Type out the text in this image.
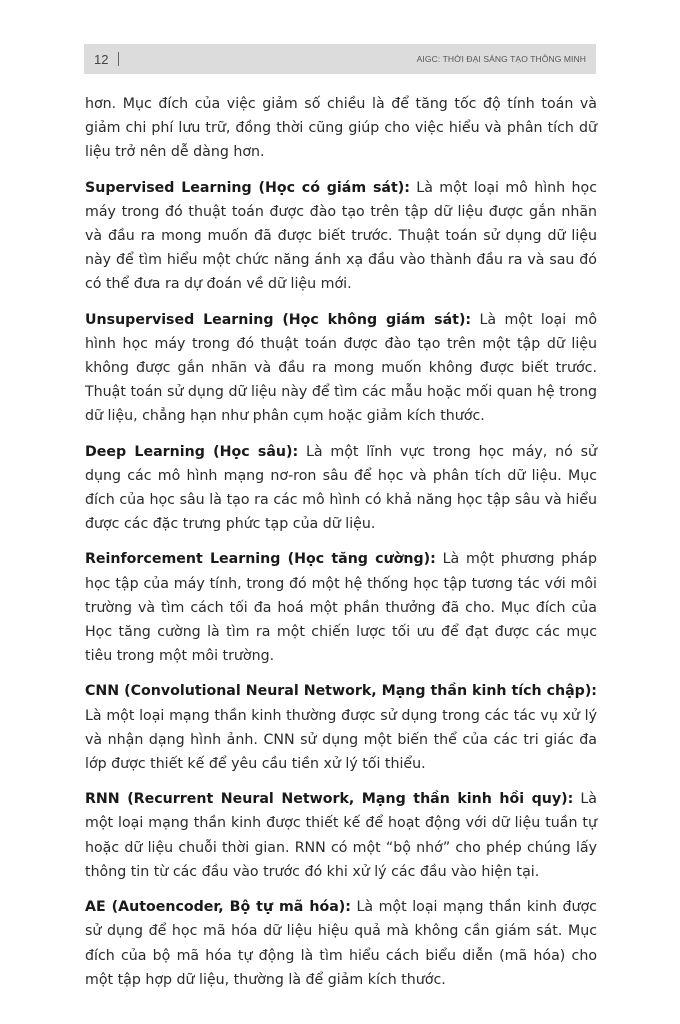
12	AIGC: THỜI ĐẠI SÁNG TẠO THÔNG MINH

hơn. Mục đích của việc giảm số chiều là để tăng tốc độ tính toán và giảm chi phí lưu trữ, đồng thời cũng giúp cho việc hiểu và phân tích dữ liệu trở nên dễ dàng hơn.

Supervised Learning (Học có giám sát): Là một loại mô hình học máy trong đó thuật toán được đào tạo trên tập dữ liệu được gắn nhãn và đầu ra mong muốn đã được biết trước. Thuật toán sử dụng dữ liệu này để tìm hiểu một chức năng ánh xạ đầu vào thành đầu ra và sau đó có thể đưa ra dự đoán về dữ liệu mới.

Unsupervised Learning (Học không giám sát): Là một loại mô hình học máy trong đó thuật toán được đào tạo trên một tập dữ liệu không được gắn nhãn và đầu ra mong muốn không được biết trước. Thuật toán sử dụng dữ liệu này để tìm các mẫu hoặc mối quan hệ trong dữ liệu, chẳng hạn như phân cụm hoặc giảm kích thước.

Deep Learning (Học sâu): Là một lĩnh vực trong học máy, nó sử dụng các mô hình mạng nơ-ron sâu để học và phân tích dữ liệu. Mục đích của học sâu là tạo ra các mô hình có khả năng học tập sâu và hiểu được các đặc trưng phức tạp của dữ liệu.

Reinforcement Learning (Học tăng cường): Là một phương pháp học tập của máy tính, trong đó một hệ thống học tập tương tác với môi trường và tìm cách tối đa hoá một phần thưởng đã cho. Mục đích của Học tăng cường là tìm ra một chiến lược tối ưu để đạt được các mục tiêu trong một môi trường.

CNN (Convolutional Neural Network, Mạng thần kinh tích chập): Là một loại mạng thần kinh thường được sử dụng trong các tác vụ xử lý và nhận dạng hình ảnh. CNN sử dụng một biến thể của các tri giác đa lớp được thiết kế để yêu cầu tiền xử lý tối thiểu.

RNN (Recurrent Neural Network, Mạng thần kinh hồi quy): Là một loại mạng thần kinh được thiết kế để hoạt động với dữ liệu tuần tự hoặc dữ liệu chuỗi thời gian. RNN có một “bộ nhớ” cho phép chúng lấy thông tin từ các đầu vào trước đó khi xử lý các đầu vào hiện tại.

AE (Autoencoder, Bộ tự mã hóa): Là một loại mạng thần kinh được sử dụng để học mã hóa dữ liệu hiệu quả mà không cần giám sát. Mục đích của bộ mã hóa tự động là tìm hiểu cách biểu diễn (mã hóa) cho một tập hợp dữ liệu, thường là để giảm kích thước.
